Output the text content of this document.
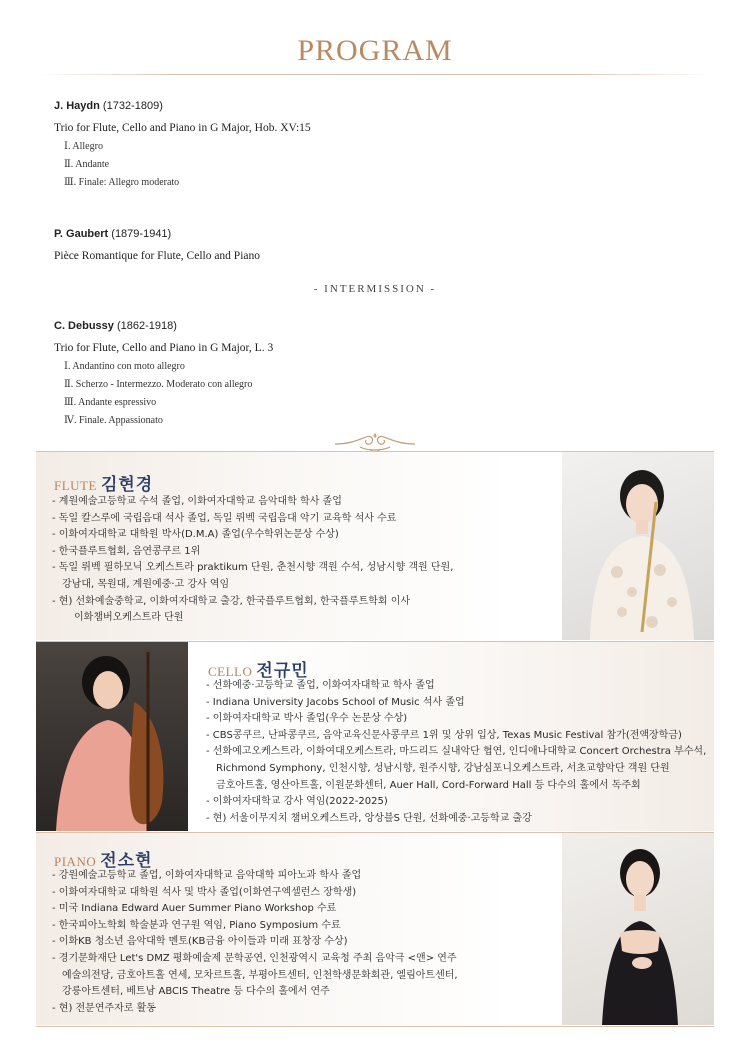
PROGRAM
J. Haydn (1732-1809)
Trio for Flute, Cello and Piano in G Major, Hob. XV:15
Ⅰ. Allegro
Ⅱ. Andante
Ⅲ. Finale: Allegro moderato
P. Gaubert (1879-1941)
Pièce Romantique for Flute, Cello and Piano
- INTERMISSION -
C. Debussy (1862-1918)
Trio for Flute, Cello and Piano in G Major, L. 3
Ⅰ. Andantino con moto allegro
Ⅱ. Scherzo - Intermezzo. Moderato con allegro
Ⅲ. Andante espressivo
Ⅳ. Finale. Appassionato
FLUTE 김현경
- 계원예술고등학교 수석 졸업, 이화여자대학교 음악대학 학사 졸업
- 독일 칼스루에 국립음대 석사 졸업, 독일 뤼벡 국립음대 악기 교육학 석사 수료
- 이화여자대학교 대학원 박사(D.M.A) 졸업(우수학위논문상 수상)
- 한국플루트협회, 음연콩쿠르 1위
- 독일 뤼벡 필하모닉 오케스트라 praktikum 단원, 춘천시향 객원 수석, 성남시향 객원 단원,
강남대, 목원대, 계원예중·고 강사 역임
- 현) 선화예술중학교, 이화여자대학교 출강, 한국플루트협회, 한국플루트학회 이사
이화챔버오케스트라 단원
CELLO 전규민
- 선화예중·고등학교 졸업, 이화여자대학교 학사 졸업
- Indiana University Jacobs School of Music 석사 졸업
- 이화여자대학교 박사 졸업(우수 논문상 수상)
- CBS콩쿠르, 난파콩쿠르, 음악교육신문사콩쿠르 1위 및 상위 입상, Texas Music Festival 참가(전액장학금)
- 선화예고오케스트라, 이화여대오케스트라, 마드리드 실내악단 협연, 인디애나대학교 Concert Orchestra 부수석,
Richmond Symphony, 인천시향, 성남시향, 원주시향, 강남심포니오케스트라, 서초교향악단 객원 단원
금호아트홀, 영산아트홀, 이원문화센터, Auer Hall, Cord-Forward Hall 등 다수의 홀에서 독주회
- 이화여자대학교 강사 역임(2022-2025)
- 현) 서울이무지치 챔버오케스트라, 앙상블S 단원, 선화예중·고등학교 출강
PIANO 전소현
- 강원예술고등학교 졸업, 이화여자대학교 음악대학 피아노과 학사 졸업
- 이화여자대학교 대학원 석사 및 박사 졸업(이화연구엑셀런스 장학생)
- 미국 Indiana Edward Auer Summer Piano Workshop 수료
- 한국피아노학회 학술분과 연구원 역임, Piano Symposium 수료
- 이화KB 청소년 음악대학 멘토(KB금융 아이들과 미래 표창장 수상)
- 경기문화재단 Let's DMZ 평화예술제 문학공연, 인천광역시 교육청 주최 음악극 <앤> 연주
예술의전당, 금호아트홀 연세, 모차르트홀, 부평아트센터, 인천학생문화회관, 엘림아트센터,
강릉아트센터, 베트남 ABCIS Theatre 등 다수의 홀에서 연주
- 현) 전문연주자로 활동
